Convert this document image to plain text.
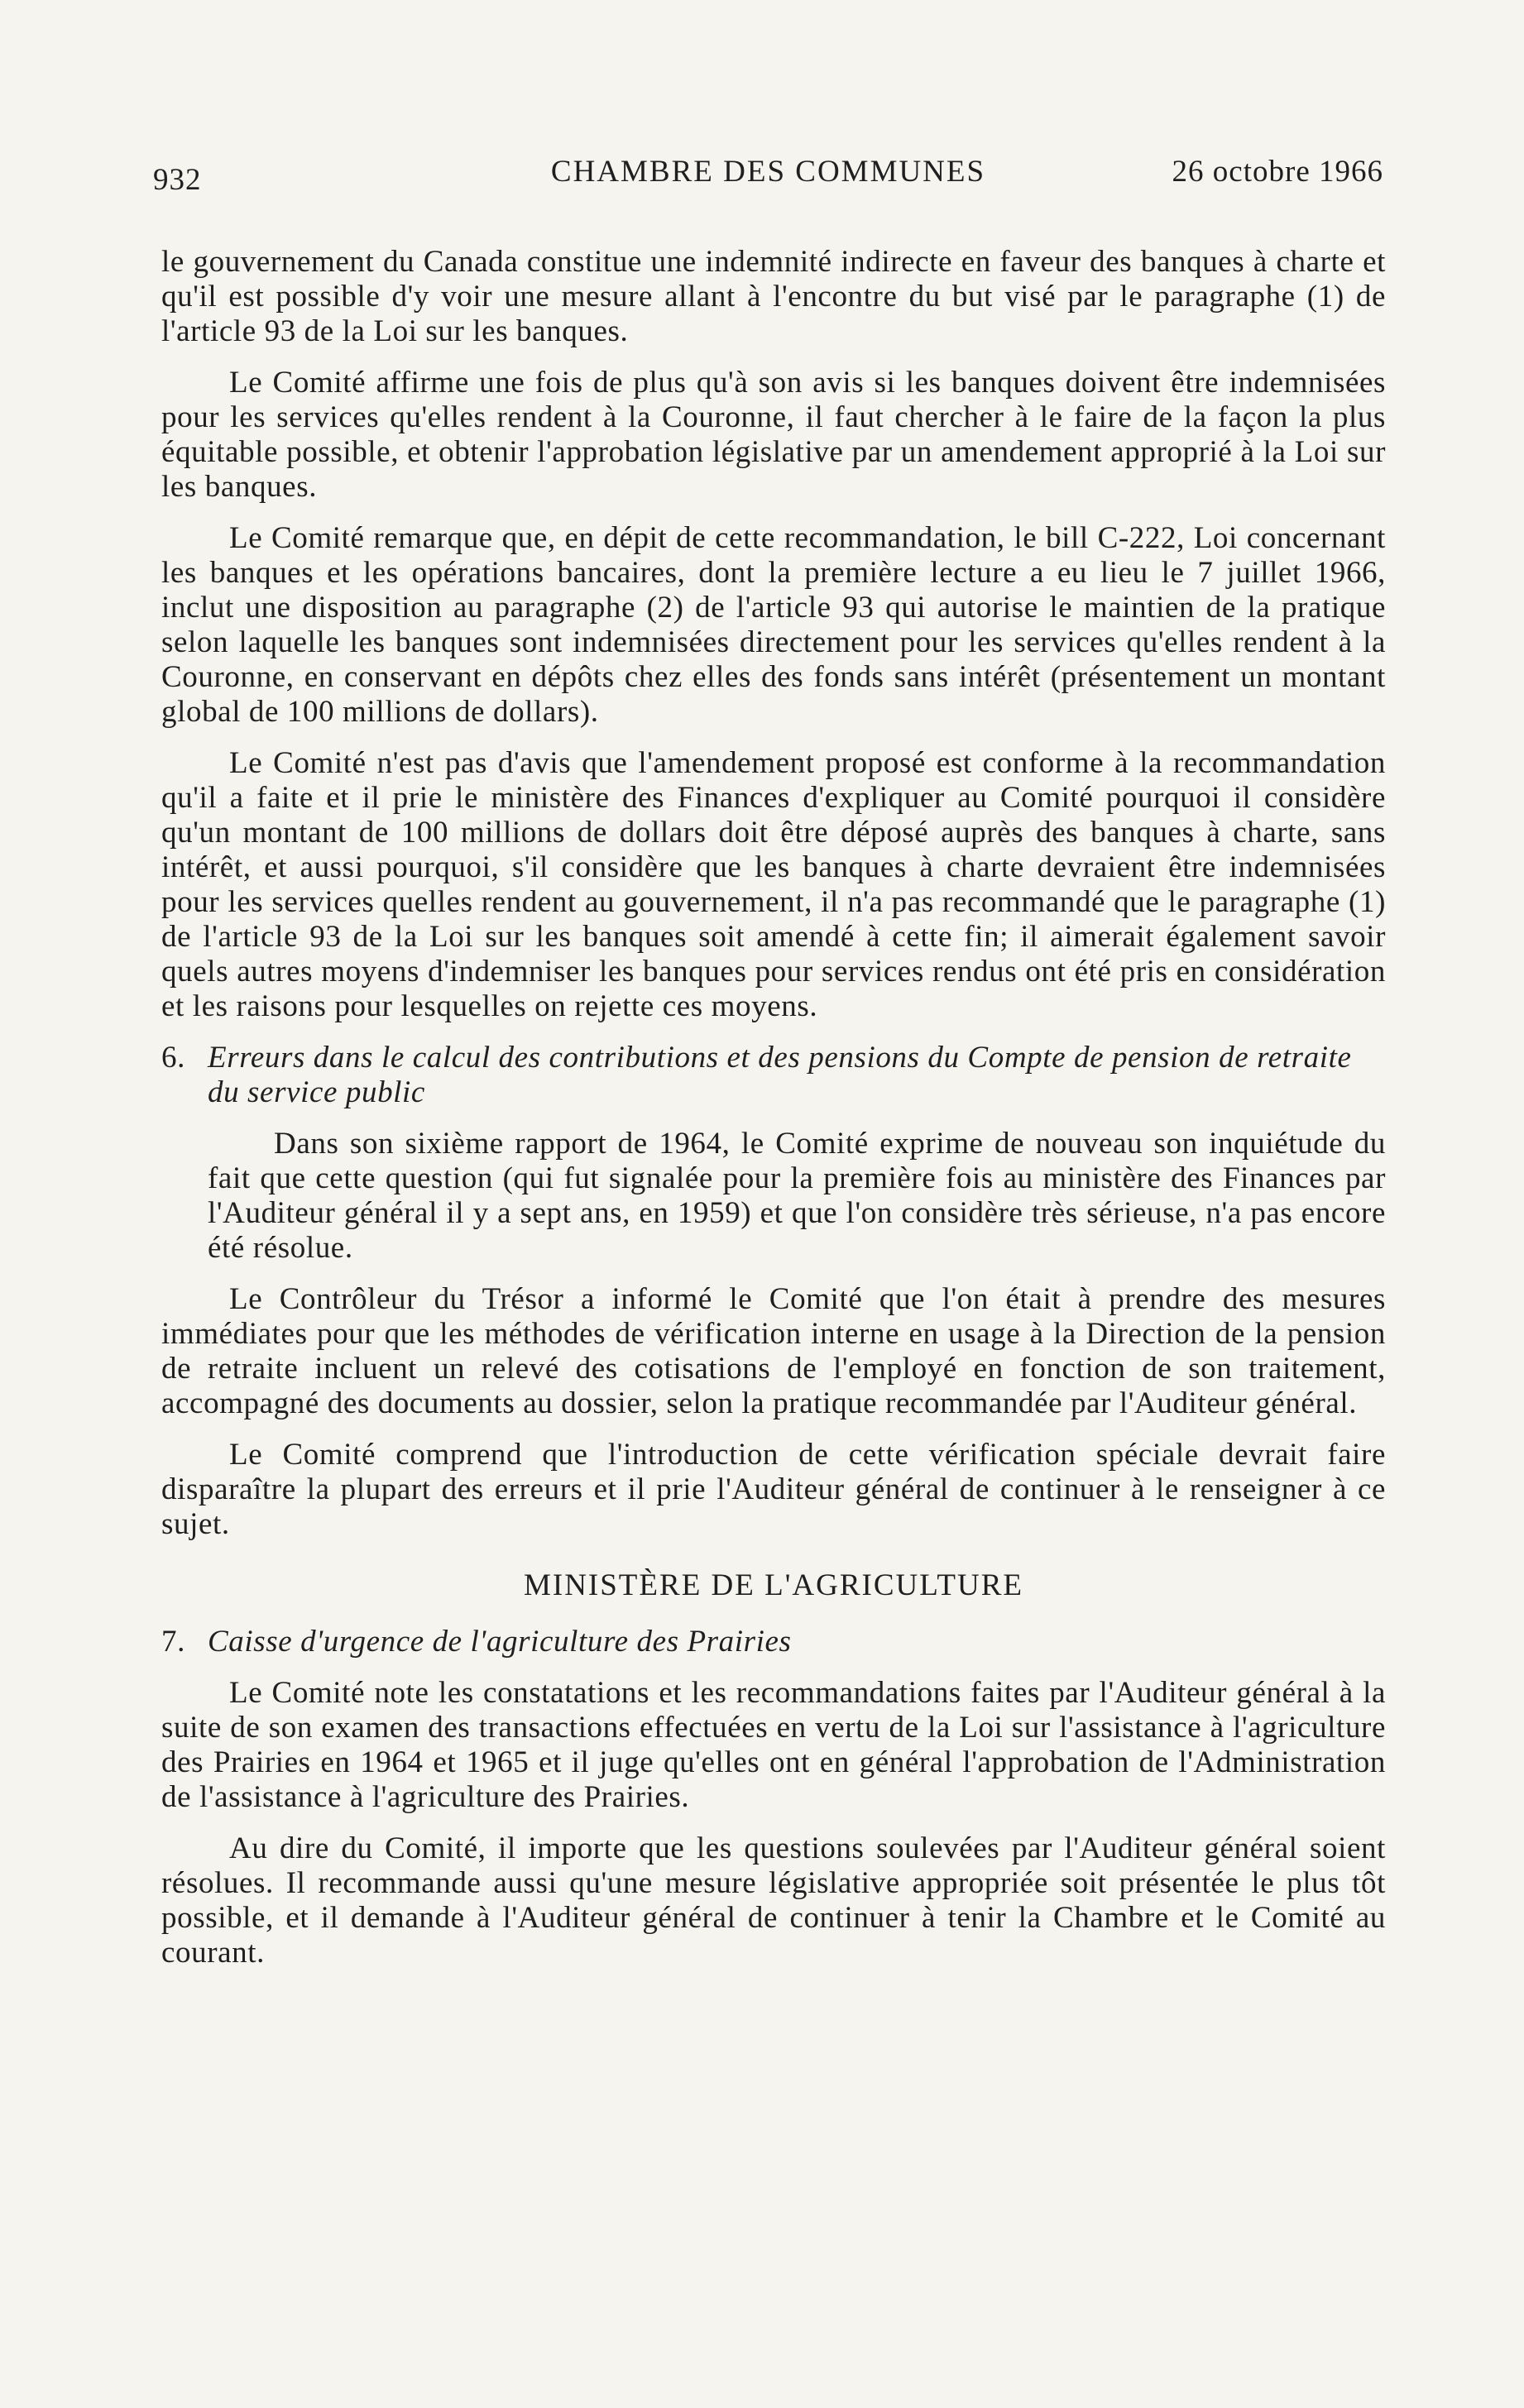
932	CHAMBRE DES COMMUNES	26 octobre 1966

le gouvernement du Canada constitue une indemnité indirecte en faveur des banques à charte et qu'il est possible d'y voir une mesure allant à l'encontre du but visé par le paragraphe (1) de l'article 93 de la Loi sur les banques.

Le Comité affirme une fois de plus qu'à son avis si les banques doivent être indemnisées pour les services qu'elles rendent à la Couronne, il faut chercher à le faire de la façon la plus équitable possible, et obtenir l'approbation législative par un amendement approprié à la Loi sur les banques.

Le Comité remarque que, en dépit de cette recommandation, le bill C-222, Loi concernant les banques et les opérations bancaires, dont la première lecture a eu lieu le 7 juillet 1966, inclut une disposition au paragraphe (2) de l'article 93 qui autorise le maintien de la pratique selon laquelle les banques sont indemnisées directement pour les services qu'elles rendent à la Couronne, en conservant en dépôts chez elles des fonds sans intérêt (présentement un montant global de 100 millions de dollars).

Le Comité n'est pas d'avis que l'amendement proposé est conforme à la recommandation qu'il a faite et il prie le ministère des Finances d'expliquer au Comité pourquoi il considère qu'un montant de 100 millions de dollars doit être déposé auprès des banques à charte, sans intérêt, et aussi pourquoi, s'il considère que les banques à charte devraient être indemnisées pour les services quelles rendent au gouvernement, il n'a pas recommandé que le paragraphe (1) de l'article 93 de la Loi sur les banques soit amendé à cette fin; il aimerait également savoir quels autres moyens d'indemniser les banques pour services rendus ont été pris en considération et les raisons pour lesquelles on rejette ces moyens.

6. Erreurs dans le calcul des contributions et des pensions du Compte de pension de retraite du service public

Dans son sixième rapport de 1964, le Comité exprime de nouveau son inquiétude du fait que cette question (qui fut signalée pour la première fois au ministère des Finances par l'Auditeur général il y a sept ans, en 1959) et que l'on considère très sérieuse, n'a pas encore été résolue.

Le Contrôleur du Trésor a informé le Comité que l'on était à prendre des mesures immédiates pour que les méthodes de vérification interne en usage à la Direction de la pension de retraite incluent un relevé des cotisations de l'employé en fonction de son traitement, accompagné des documents au dossier, selon la pratique recommandée par l'Auditeur général.

Le Comité comprend que l'introduction de cette vérification spéciale devrait faire disparaître la plupart des erreurs et il prie l'Auditeur général de continuer à le renseigner à ce sujet.

MINISTÈRE DE L'AGRICULTURE

7. Caisse d'urgence de l'agriculture des Prairies

Le Comité note les constatations et les recommandations faites par l'Auditeur général à la suite de son examen des transactions effectuées en vertu de la Loi sur l'assistance à l'agriculture des Prairies en 1964 et 1965 et il juge qu'elles ont en général l'approbation de l'Administration de l'assistance à l'agriculture des Prairies.

Au dire du Comité, il importe que les questions soulevées par l'Auditeur général soient résolues. Il recommande aussi qu'une mesure législative appropriée soit présentée le plus tôt possible, et il demande à l'Auditeur général de continuer à tenir la Chambre et le Comité au courant.
